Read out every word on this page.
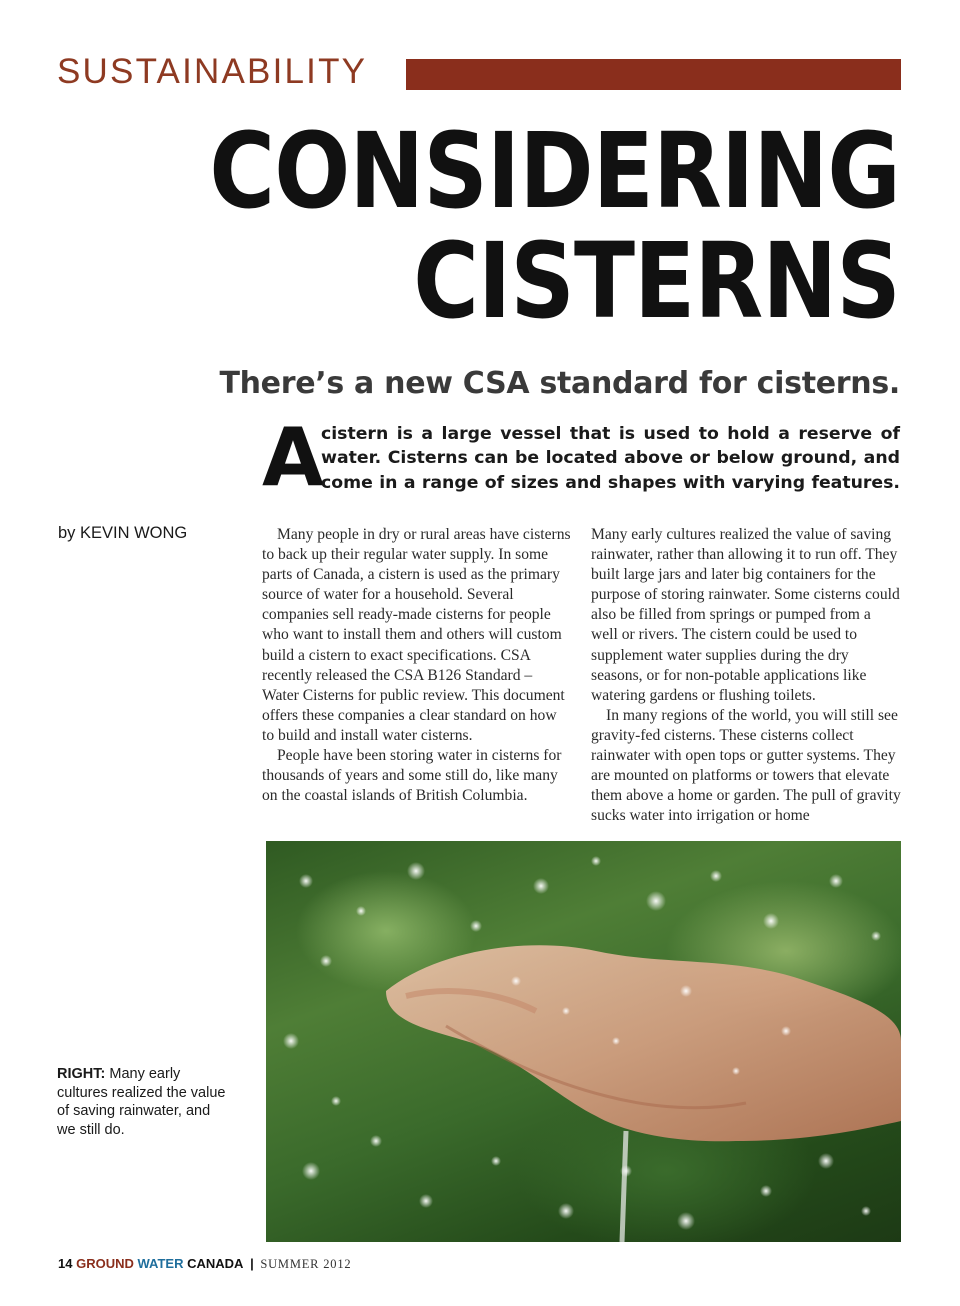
SUSTAINABILITY
CONSIDERING
CISTERNS
There’s a new CSA standard for cisterns.
A

cistern is a large vessel that is used to hold a reserve of water. Cisterns can be located above or below ground, and come in a range of sizes and shapes with varying features.

by KEVIN WONG	Many people in dry or rural areas have cisterns to back up their regular water supply. In some parts of Canada, a cistern is used as the primary source of water for a household. Several companies sell ready-made cisterns for people who want to install them and others will custom build a cistern to exact specifications. CSA recently released the CSA B126 Standard – Water Cisterns for public review. This document offers these companies a clear standard on how to build and install water cisterns.

People have been storing water in cisterns for thousands of years and some still do, like many on the coastal islands of British Columbia.

Many early cultures realized the value of saving rainwater, rather than allowing it to run off. They built large jars and later big containers for the purpose of storing rainwater. Some cisterns could also be filled from springs or pumped from a well or rivers. The cistern could be used to supplement water supplies during the dry seasons, or for non-potable applications like watering gardens or flushing toilets.

In many regions of the world, you will still see gravity-fed cisterns. These cisterns collect rainwater with open tops or gutter systems. They are mounted on platforms or towers that elevate them above a home or garden. The pull of gravity sucks water into irrigation or home

RIGHT: Many early cultures realized the value of saving rainwater, and we still do.

14 GROUND WATER CANADA | SUMMER 2012
